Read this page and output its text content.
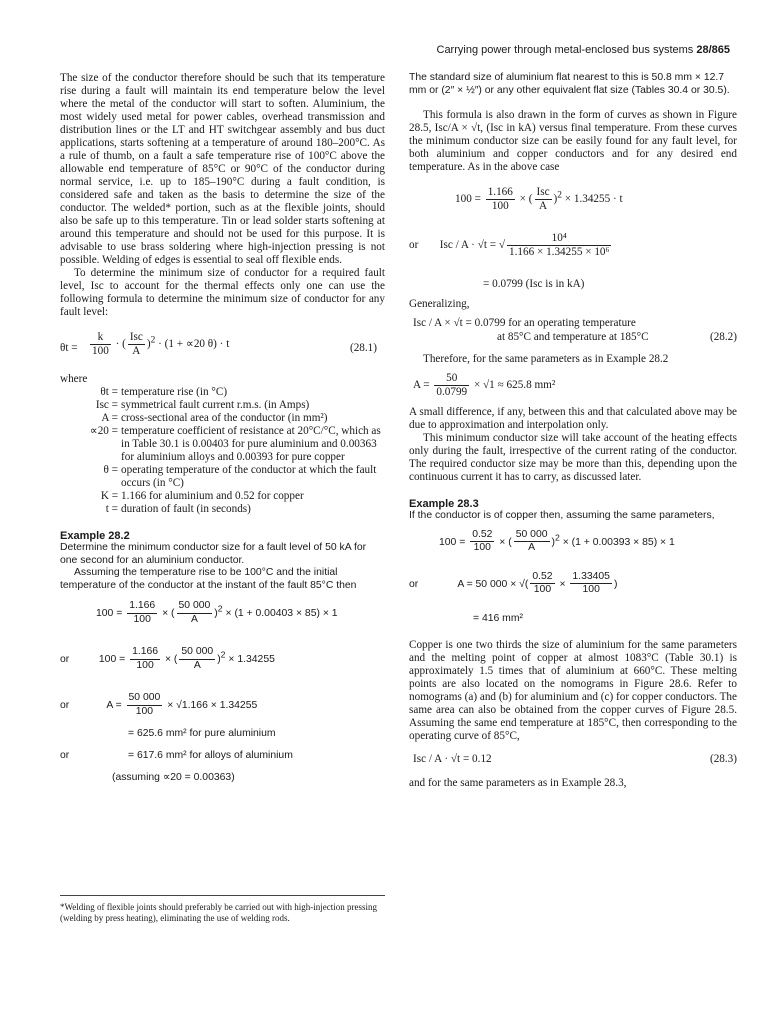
Carrying power through metal-enclosed bus systems 28/865

The size of the conductor therefore should be such that its temperature rise during a fault will maintain its end temperature below the level where the metal of the conductor will start to soften. Aluminium, the most widely used metal for power cables, overhead transmission and distribution lines or the LT and HT switchgear assembly and bus duct applications, starts softening at a temperature of around 180–200°C. As a rule of thumb, on a fault a safe temperature rise of 100°C above the allowable end temperature of 85°C or 90°C of the conductor during normal service, i.e. up to 185–190°C during a fault condition, is considered safe and taken as the basis to determine the size of the conductor. The welded* portion, such as at the flexible joints, should also be safe up to this temperature. Tin or lead solder starts softening at around this temperature and should not be used for this purpose. It is advisable to use brass soldering where high-injection pressing is not possible. Welding of edges is essential to seal off flexible ends.

To determine the minimum size of conductor for a required fault level, Isc to account for the thermal effects only one can use the following formula to determine the minimum size of conductor for any fault level:

$\theta t = \frac{k}{100}$ · ( $\frac{\text{Isc}}{A} )^2 \cdot (1 + \propto 20$ θ) · t	(28.1)

where

θt = temperature rise (in °C)
Isc = symmetrical fault current r.m.s. (in Amps)
A = cross-sectional area of the conductor (in mm²)
∝20 = temperature coefficient of resistance at 20°C/°C, which as in Table 30.1 is 0.00403 for pure aluminium and 0.00363 for aluminium alloys and 0.00393 for pure copper
θ = operating temperature of the conductor at which the fault occurs (in °C)
K = 1.166 for aluminium and 0.52 for copper
t = duration of fault (in seconds)
Example 28.2

Determine the minimum conductor size for a fault level of 50 kA for one second for an aluminium conductor.

Assuming the temperature rise to be 100°C and the initial temperature of the conductor at the instant of the fault 85°C then

$100 = \frac{1.166}{100}$ × ( $\frac{50 000}{A} )^2 \times (1 + 0.00403 \times 85) \times 1$
or	$100 = \frac{1.166}{100}$ × ( $\frac{50 000}{A} )^2 \times 1.34255$
or	$A = \frac{50 000}{100} \times √1.166 \times 1.34255$
= 625.6 mm² for pure aluminium
or	= 617.6 mm² for alloys of aluminium
(assuming ∝20 = 0.00363)
*Welding of flexible joints should preferably be carried out with high-injection pressing (welding by press heating), eliminating the use of welding rods.

The standard size of aluminium flat nearest to this is 50.8 mm × 12.7 mm or (2″ × ½″) or any other equivalent flat size (Tables 30.4 or 30.5).

This formula is also drawn in the form of curves as shown in Figure 28.5, Isc/A × √t, (Isc in kA) versus final temperature. From these curves the minimum conductor size can be easily found for any fault level, for both aluminium and copper conductors and for any desired end temperature. As in the above case

$100 = \frac{1.166}{100}$ × ( $\frac{\text{Isc}}{A} )^2 \times 1.34255 \cdot t$
or Isc / A · √t = √ $\frac{\text{10⁴}}{\text{1.166 × 1.34255 × 10⁶}}$
= 0.0799 (Isc is in kA)

Generalizing,

Isc / A × √t = 0.0799 for an operating temperature
at 85°C and temperature at 185°C	(28.2)

Therefore, for the same parameters as in Example 28.2

$A = \frac{50}{0.0799} \times √1 \approx 625.8$ mm²

A small difference, if any, between this and that calculated above may be due to approximation and interpolation only.

This minimum conductor size will take account of the heating effects only during the fault, irrespective of the current rating of the conductor. The required conductor size may be more than this, depending upon the continuous current it has to carry, as discussed later.

Example 28.3

If the conductor is of copper then, assuming the same parameters,

$100 = \frac{0.52}{100}$ × ( $\frac{50 000}{A} )^2 \times (1 + 0.00393 \times 85) \times 1$
or	A = 50 000 × √( $\frac{0.52}{100} \times \frac{1.33405}{100}$ )
= 416 mm²

Copper is one two thirds the size of aluminium for the same parameters and the melting point of copper at almost 1083°C (Table 30.1) is approximately 1.5 times that of aluminium at 660°C. These melting points are also located on the nomograms in Figure 28.6. Refer to nomograms (a) and (b) for aluminium and (c) for copper conductors. The same area can also be obtained from the copper curves of Figure 28.5. Assuming the same end temperature at 185°C, then corresponding to the operating curve of 85°C,

Isc / A · √t = 0.12	(28.3)

and for the same parameters as in Example 28.3,
